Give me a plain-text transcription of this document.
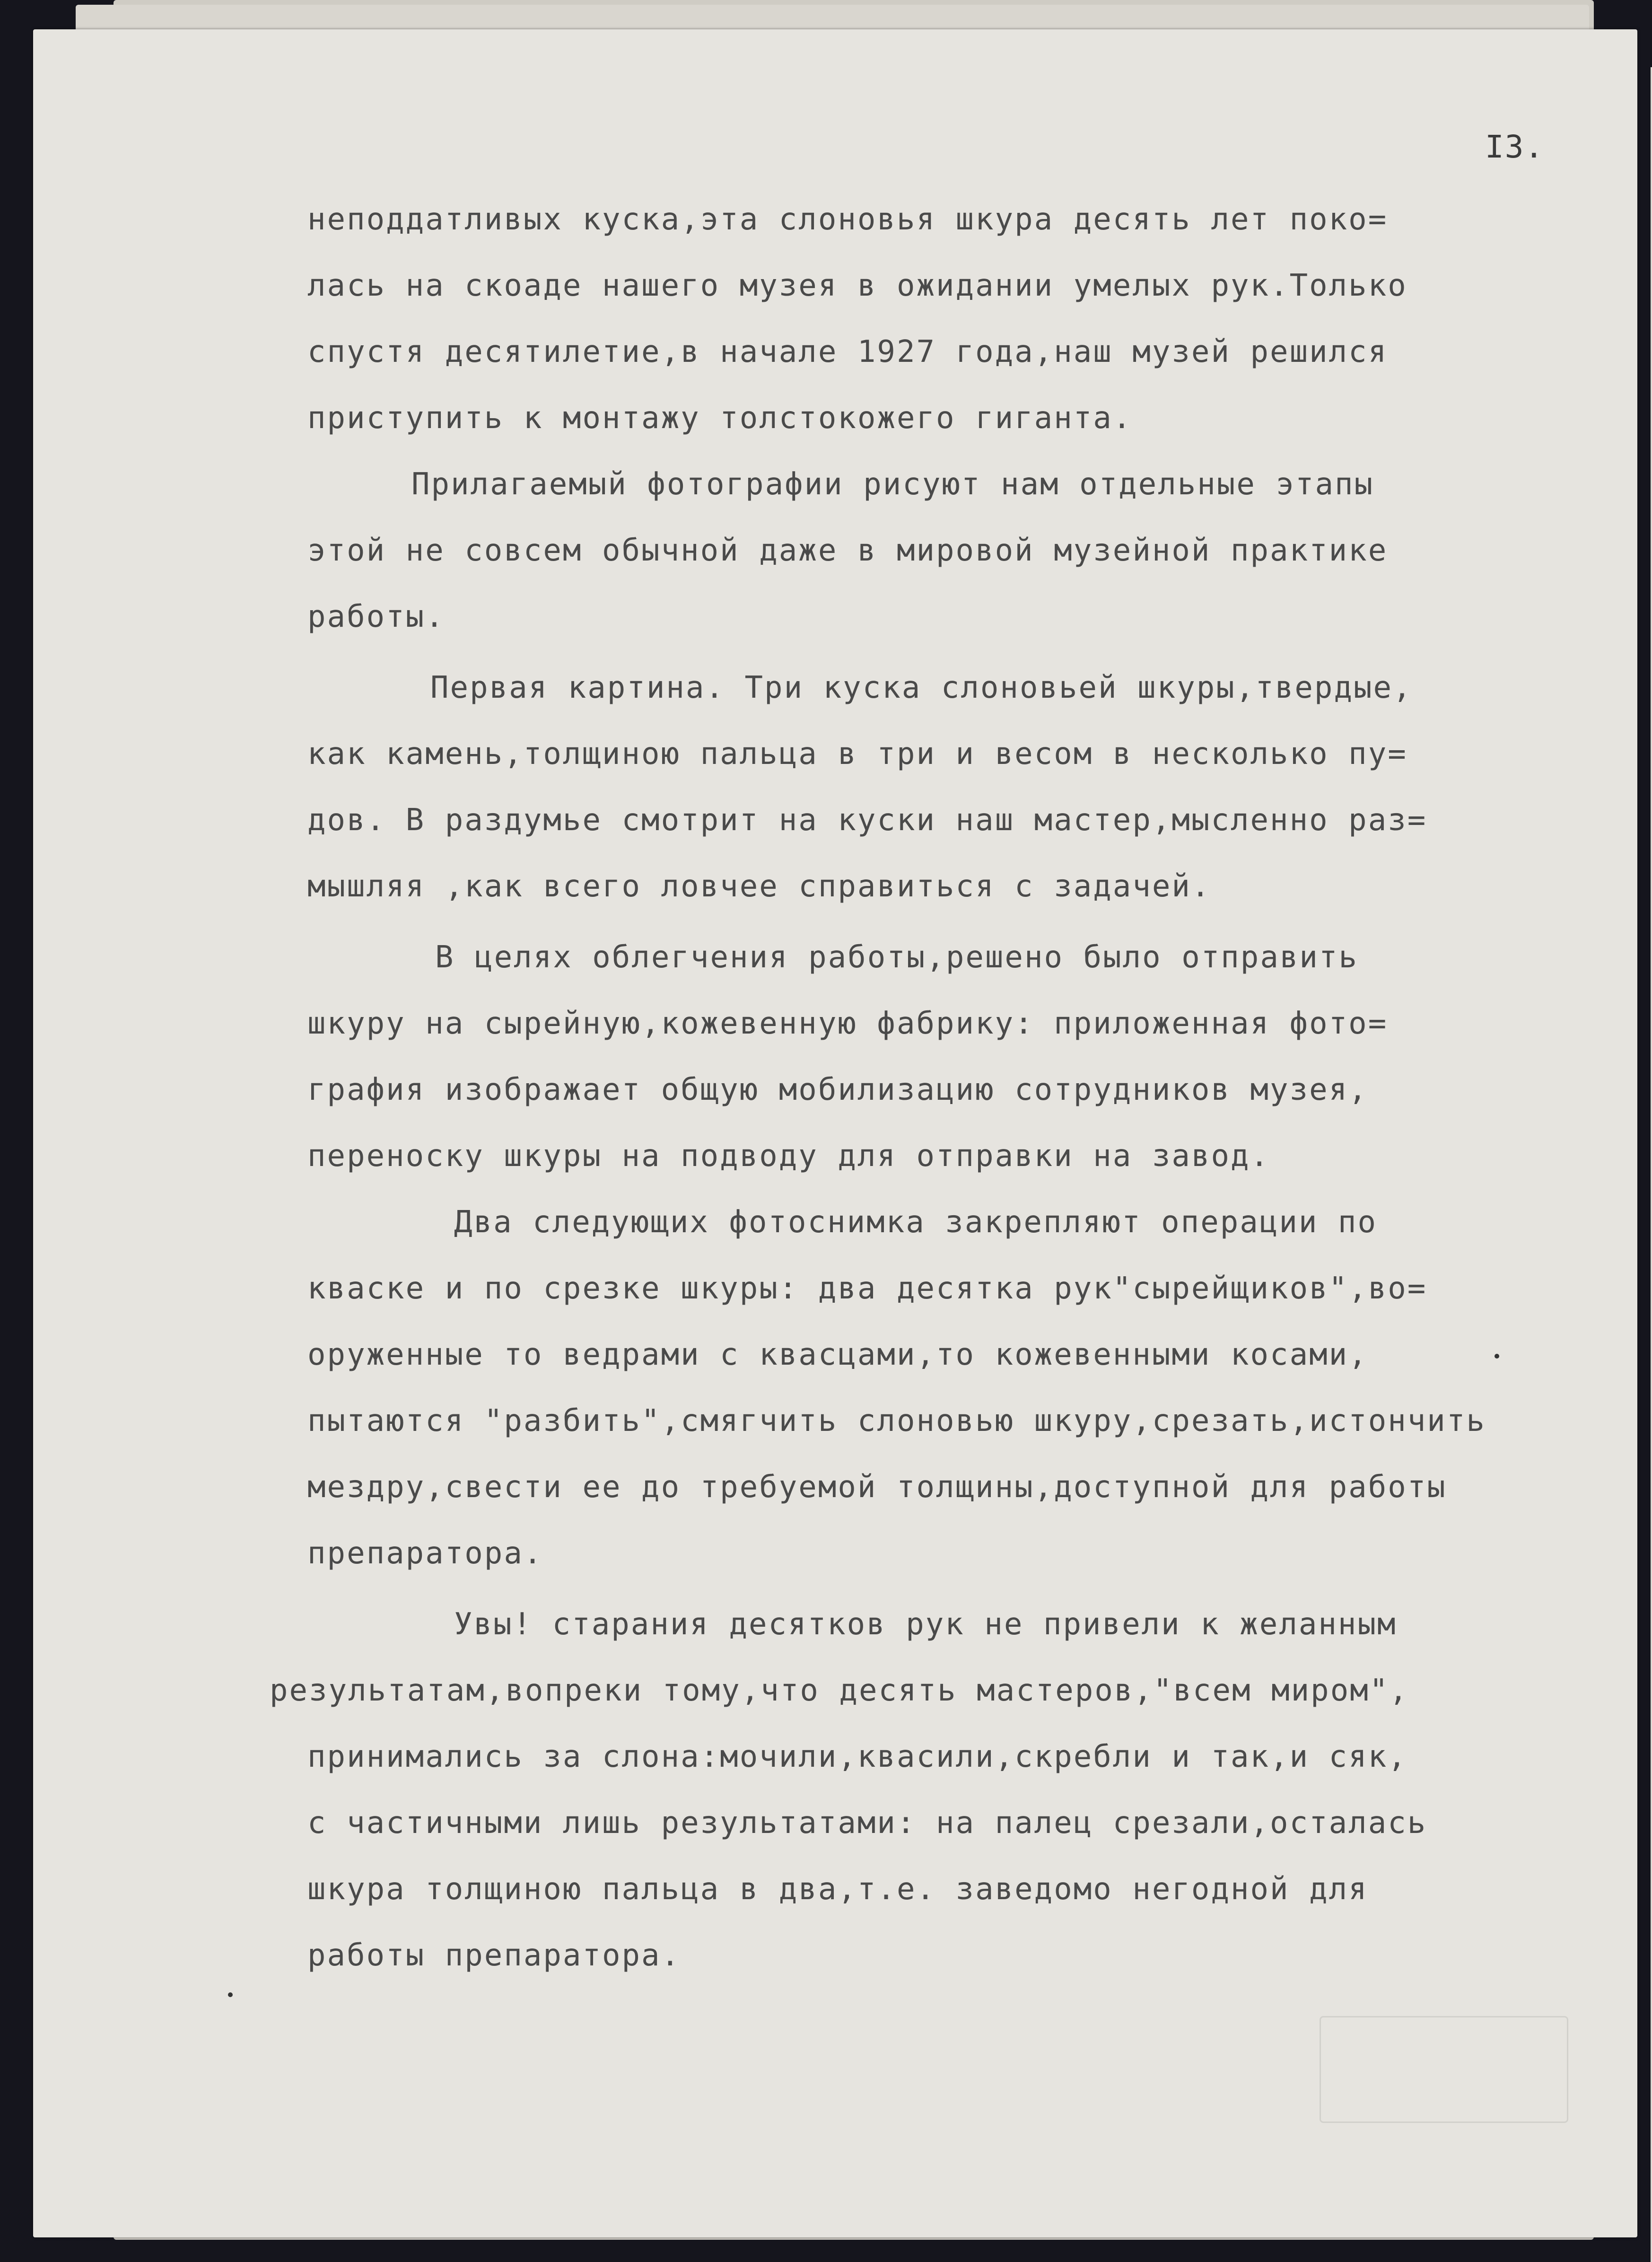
I3.
неподдатливых куска,эта слоновья шкура десять лет поко=
лась на скоаде нашего музея в ожидании умелых рук.Только
спустя десятилетие,в начале 1927 года,наш музей решился
приступить к монтажу толстокожего гиганта.
Прилагаемый фотографии рисуют нам отдельные этапы
этой не совсем обычной даже в мировой музейной практике
работы.
Первая картина. Три куска слоновьей шкуры,твердые,
как камень,толщиною пальца в три и весом в несколько пу=
дов. В раздумье смотрит на куски наш мастер,мысленно раз=
мышляя ,как всего ловчее справиться с задачей.
В целях облегчения работы,решено было отправить
шкуру на сырейную,кожевенную фабрику: приложенная фото=
графия изображает общую мобилизацию сотрудников музея,
переноску шкуры на подводу для отправки на завод.
Два следующих фотоснимка закрепляют операции по
кваске и по срезке шкуры: два десятка рук"сырейщиков",во=
оруженные то ведрами с квасцами,то кожевенными косами,
пытаются "разбить",смягчить слоновью шкуру,срезать,истончить
мездру,свести ее до требуемой толщины,доступной для работы
препаратора.
Увы! старания десятков рук не привели к желанным
результатам,вопреки тому,что десять мастеров,"всем миром",
принимались за слона:мочили,квасили,скребли и так,и сяк,
с частичными лишь результатами: на палец срезали,осталась
шкура толщиною пальца в два,т.е. заведомо негодной для
работы препаратора.
